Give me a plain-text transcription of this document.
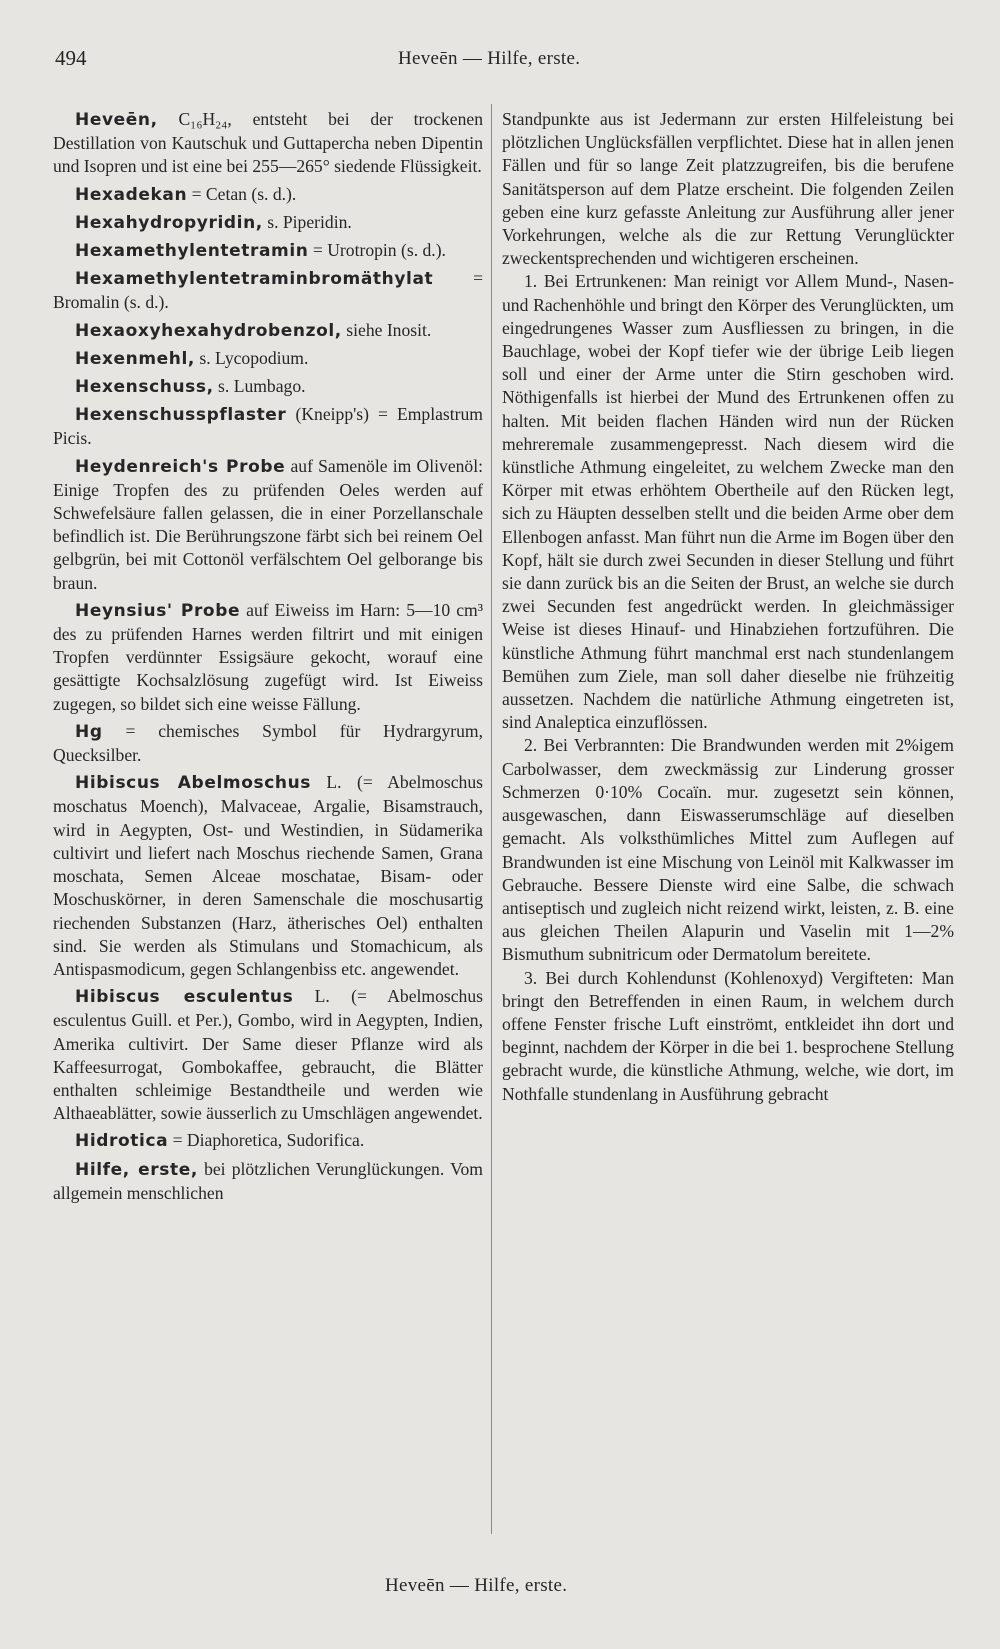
494	Heveēn — Hilfe, erste.

Heveēn, C₁₆H₂₄, entsteht bei der trockenen Destillation von Kautschuk und Guttapercha neben Dipentin und Isopren und ist eine bei 255—265° siedende Flüssigkeit.

Hexadekan = Cetan (s. d.).

Hexahydropyridin, s. Piperidin.

Hexamethylentetramin = Urotropin (s. d.).

Hexamethylentetraminbromäthylat = Bromalin (s. d.).

Hexaoxyhexahydrobenzol, siehe Inosit.

Hexenmehl, s. Lycopodium.

Hexenschuss, s. Lumbago.

Hexenschusspflaster (Kneipp's) = Emplastrum Picis.

Heydenreich's Probe auf Samenöle im Olivenöl: Einige Tropfen des zu prüfenden Oeles werden auf Schwefelsäure fallen gelassen, die in einer Porzellanschale befindlich ist. Die Berührungszone färbt sich bei reinem Oel gelbgrün, bei mit Cottonöl verfälschtem Oel gelborange bis braun.

Heynsius' Probe auf Eiweiss im Harn: 5—10 cm³ des zu prüfenden Harnes werden filtrirt und mit einigen Tropfen verdünnter Essigsäure gekocht, worauf eine gesättigte Kochsalzlösung zugefügt wird. Ist Eiweiss zugegen, so bildet sich eine weisse Fällung.

Hg = chemisches Symbol für Hydrargyrum, Quecksilber.

Hibiscus Abelmoschus L. (= Abelmoschus moschatus Moench), Malvaceae, Argalie, Bisamstrauch, wird in Aegypten, Ost- und Westindien, in Südamerika cultivirt und liefert nach Moschus riechende Samen, Grana moschata, Semen Alceae moschatae, Bisam- oder Moschuskörner, in deren Samenschale die moschusartig riechenden Substanzen (Harz, ätherisches Oel) enthalten sind. Sie werden als Stimulans und Stomachicum, als Antispasmodicum, gegen Schlangenbiss etc. angewendet.

Hibiscus esculentus L. (= Abelmoschus esculentus Guill. et Per.), Gombo, wird in Aegypten, Indien, Amerika cultivirt. Der Same dieser Pflanze wird als Kaffeesurrogat, Gombokaffee, gebraucht, die Blätter enthalten schleimige Bestandtheile und werden wie Althaeablätter, sowie äusserlich zu Umschlägen angewendet.

Hidrotica = Diaphoretica, Sudorifica.

Hilfe, erste, bei plötzlichen Verunglückungen. Vom allgemein menschlichen

Standpunkte aus ist Jedermann zur ersten Hilfeleistung bei plötzlichen Unglücksfällen verpflichtet. Diese hat in allen jenen Fällen und für so lange Zeit platzzugreifen, bis die berufene Sanitätsperson auf dem Platze erscheint. Die folgenden Zeilen geben eine kurz gefasste Anleitung zur Ausführung aller jener Vorkehrungen, welche als die zur Rettung Verunglückter zweckentsprechenden und wichtigeren erscheinen.

1. Bei Ertrunkenen: Man reinigt vor Allem Mund-, Nasen- und Rachenhöhle und bringt den Körper des Verunglückten, um eingedrungenes Wasser zum Ausfliessen zu bringen, in die Bauchlage, wobei der Kopf tiefer wie der übrige Leib liegen soll und einer der Arme unter die Stirn geschoben wird. Nöthigenfalls ist hierbei der Mund des Ertrunkenen offen zu halten. Mit beiden flachen Händen wird nun der Rücken mehreremale zusammengepresst. Nach diesem wird die künstliche Athmung eingeleitet, zu welchem Zwecke man den Körper mit etwas erhöhtem Obertheile auf den Rücken legt, sich zu Häupten desselben stellt und die beiden Arme ober dem Ellenbogen anfasst. Man führt nun die Arme im Bogen über den Kopf, hält sie durch zwei Secunden in dieser Stellung und führt sie dann zurück bis an die Seiten der Brust, an welche sie durch zwei Secunden fest angedrückt werden. In gleichmässiger Weise ist dieses Hinauf- und Hinabziehen fortzuführen. Die künstliche Athmung führt manchmal erst nach stundenlangem Bemühen zum Ziele, man soll daher dieselbe nie frühzeitig aussetzen. Nachdem die natürliche Athmung eingetreten ist, sind Analeptica einzuflössen.

2. Bei Verbrannten: Die Brandwunden werden mit 2%igem Carbolwasser, dem zweckmässig zur Linderung grosser Schmerzen 0·10% Cocaïn. mur. zugesetzt sein können, ausgewaschen, dann Eiswasserumschläge auf dieselben gemacht. Als volksthümliches Mittel zum Auflegen auf Brandwunden ist eine Mischung von Leinöl mit Kalkwasser im Gebrauche. Bessere Dienste wird eine Salbe, die schwach antiseptisch und zugleich nicht reizend wirkt, leisten, z. B. eine aus gleichen Theilen Alapurin und Vaselin mit 1—2% Bismuthum subnitricum oder Dermatolum bereitete.

3. Bei durch Kohlendunst (Kohlenoxyd) Vergifteten: Man bringt den Betreffenden in einen Raum, in welchem durch offene Fenster frische Luft einströmt, entkleidet ihn dort und beginnt, nachdem der Körper in die bei 1. besprochene Stellung gebracht wurde, die künstliche Athmung, welche, wie dort, im Nothfalle stundenlang in Ausführung gebracht

Heveēn — Hilfe, erste.
